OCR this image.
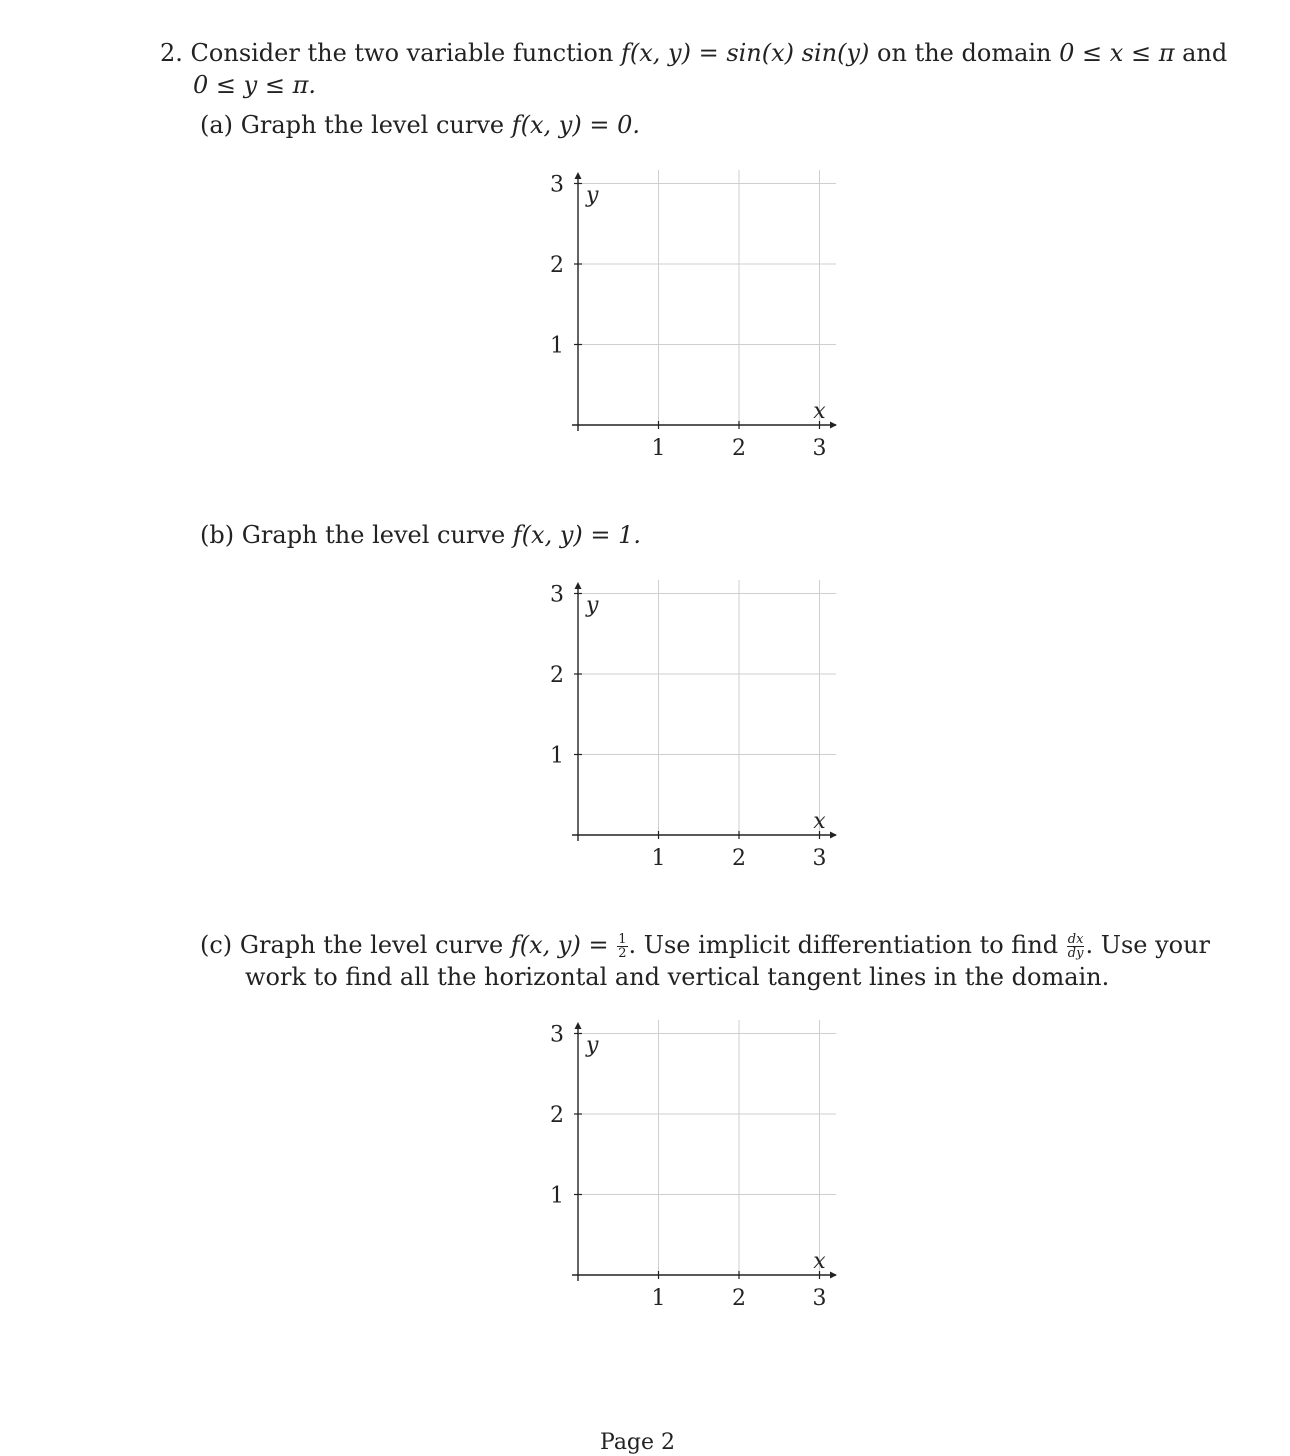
2. Consider the two variable function f(x, y) = sin(x) sin(y) on the domain 0 ≤ x ≤ π and
0 ≤ y ≤ π.
(a) Graph the level curve f(x, y) = 0.
1	2	3
1
2
3
x
y
(b) Graph the level curve f(x, y) = 1.
1	2	3
1
2
3
x
y
(c) Graph the level curve f(x, $y) = \frac{1}{2}$ . Use implicit differentiation to find $\frac{dx}{dy}$ . Use your
work to find all the horizontal and vertical tangent lines in the domain.
1	2	3
1
2
3
x
y
Page 2
